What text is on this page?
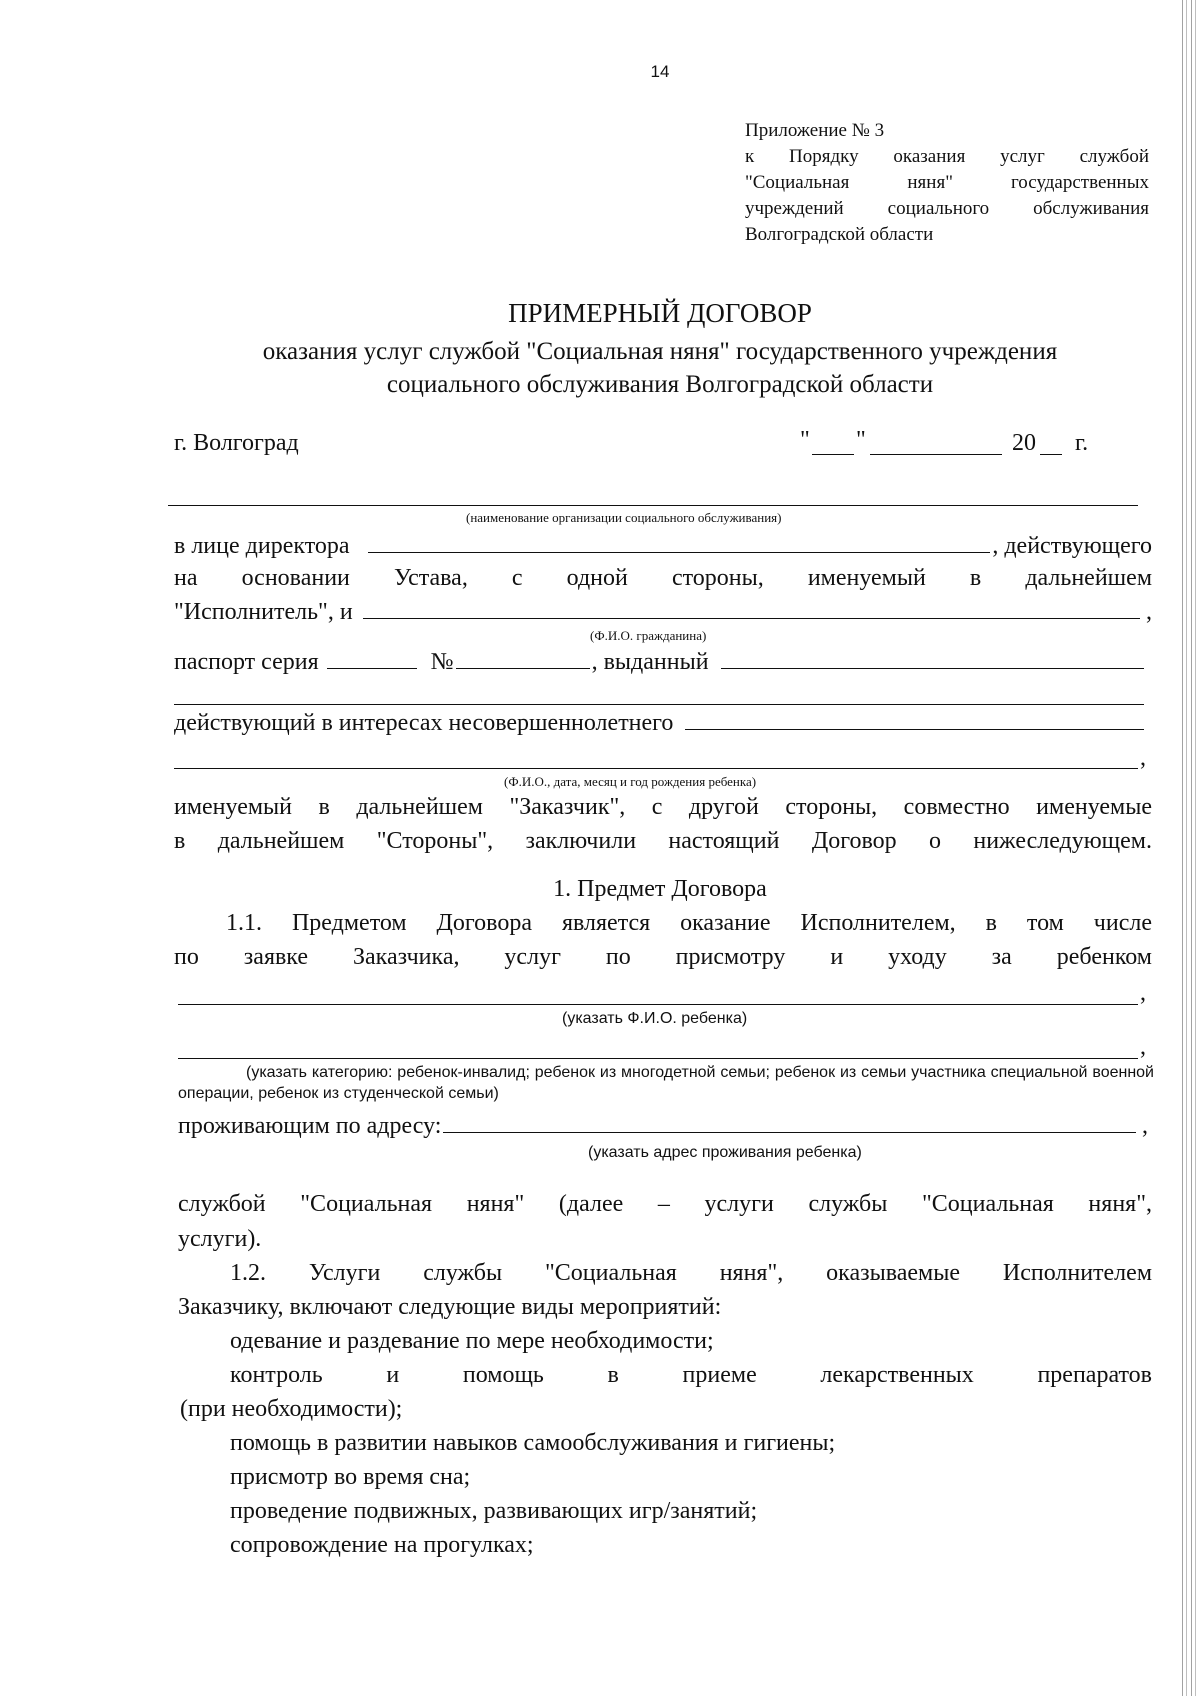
14
Приложение № 3
к Порядку оказания услуг службой
"Социальная няня" государственных
учреждений социального обслуживания
Волгоградской области
ПРИМЕРНЫЙ ДОГОВОР
оказания услуг службой "Социальная няня" государственного учреждения социального обслуживания Волгоградской области
г. Волгоград	" "	20 г.
(наименование организации социального обслуживания)
в лице директора	, действующего
на основании Устава, с одной стороны, именуемый в дальнейшем
"Исполнитель", и	,
(Ф.И.О. гражданина)
паспорт серия	№	, выданный
действующий в интересах несовершеннолетнего
,
(Ф.И.О., дата, месяц и год рождения ребенка)
именуемый в дальнейшем "Заказчик", с другой стороны, совместно именуемые
в дальнейшем "Стороны", заключили настоящий Договор о нижеследующем.
1. Предмет Договора
1.1. Предметом Договора является оказание Исполнителем, в том числе
по заявке Заказчика, услуг по присмотру и уходу за ребенком
,
(указать Ф.И.О. ребенка)
,
(указать категорию: ребенок-инвалид; ребенок из многодетной семьи; ребенок из семьи участника специальной военной операции, ребенок из студенческой семьи)
проживающим по адресу:	,
(указать адрес проживания ребенка)
службой "Социальная няня" (далее – услуги службы "Социальная няня",
услуги).
1.2. Услуги службы "Социальная няня", оказываемые Исполнителем
Заказчику, включают следующие виды мероприятий:
одевание и раздевание по мере необходимости;
контроль и помощь в приеме лекарственных препаратов
(при необходимости);
помощь в развитии навыков самообслуживания и гигиены;
присмотр во время сна;
проведение подвижных, развивающих игр/занятий;
сопровождение на прогулках;
